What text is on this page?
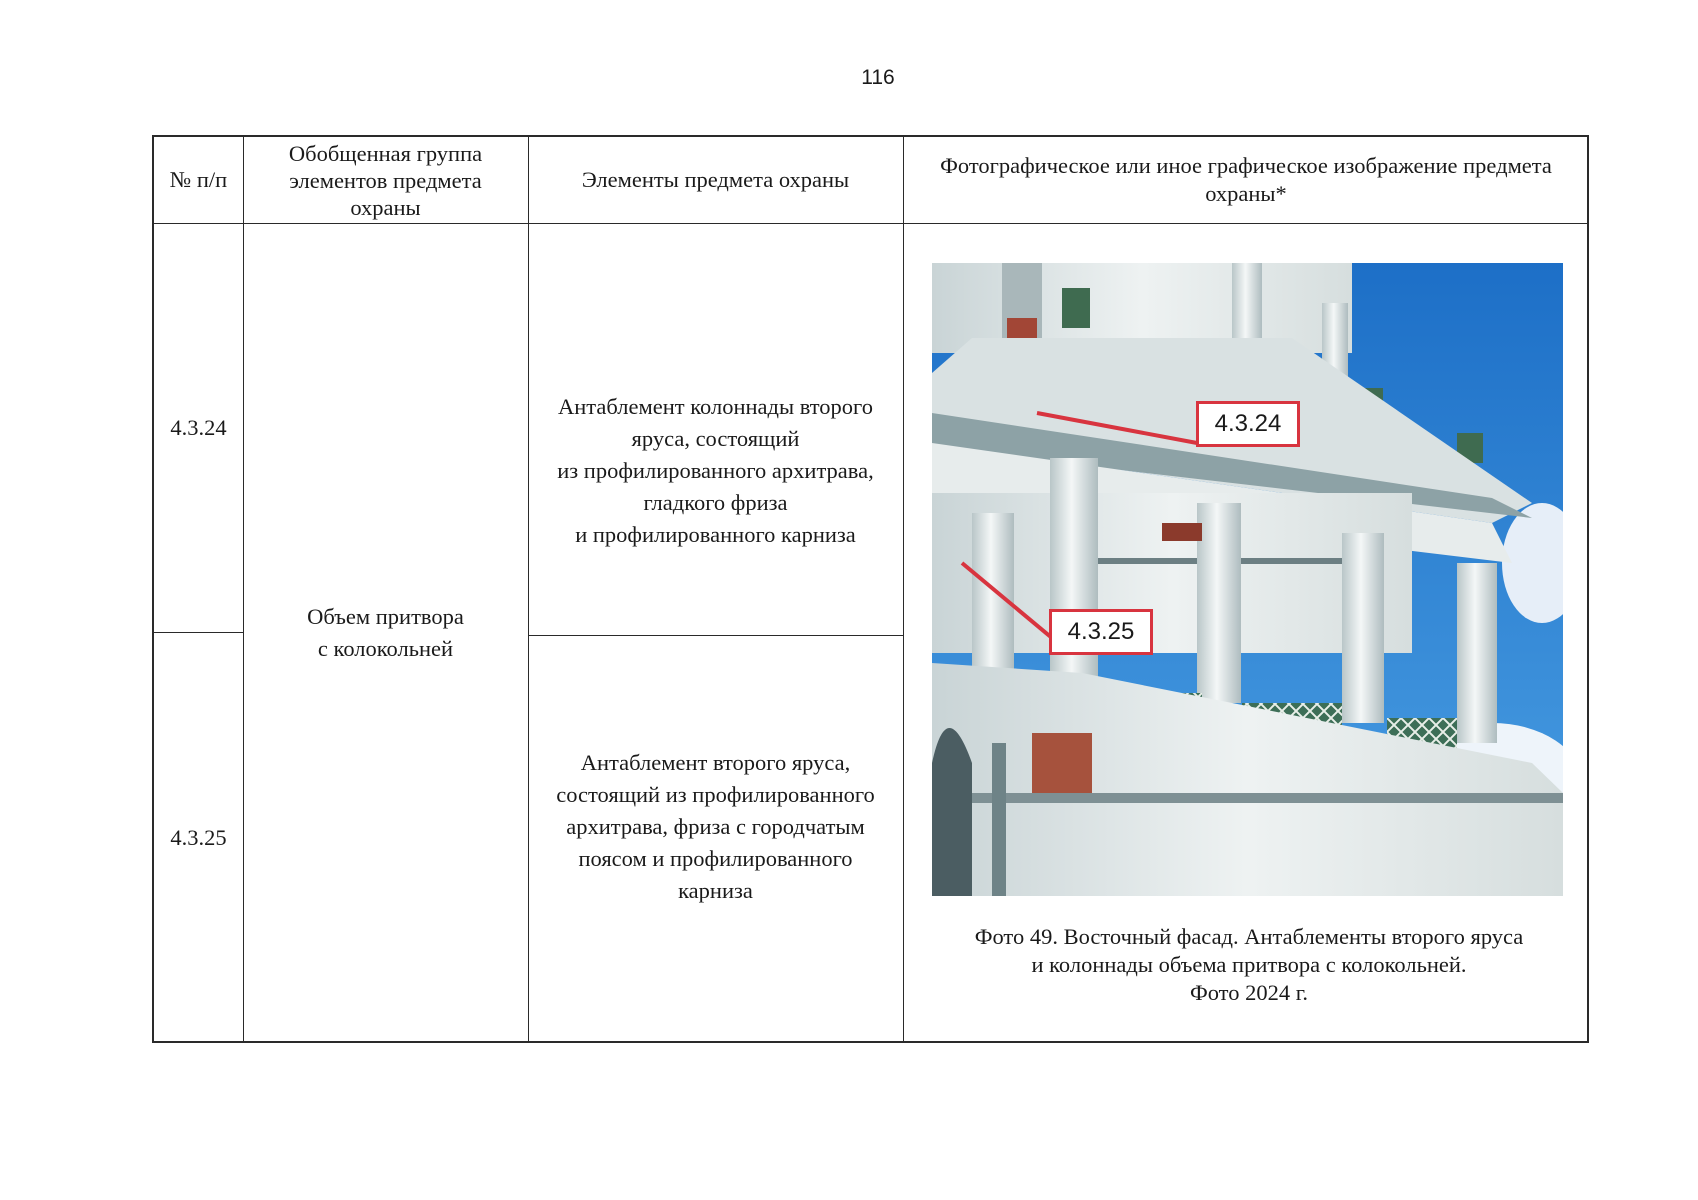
116
№ п/п
Обобщенная группа
элементов предмета
охраны
Элементы предмета охраны
Фотографическое или иное графическое изображение предмета
охраны*
4.3.24
4.3.25
Объем притвора
с колокольней
Антаблемент колоннады второго
яруса, состоящий
из профилированного архитрава,
гладкого фриза
и профилированного карниза
Антаблемент второго яруса,
состоящий из профилированного
архитрава, фриза с городчатым
поясом и профилированного
карниза
4.3.24
4.3.25
Фото 49. Восточный фасад. Антаблементы второго яруса
и колоннады объема притвора с колокольней.
Фото 2024 г.
